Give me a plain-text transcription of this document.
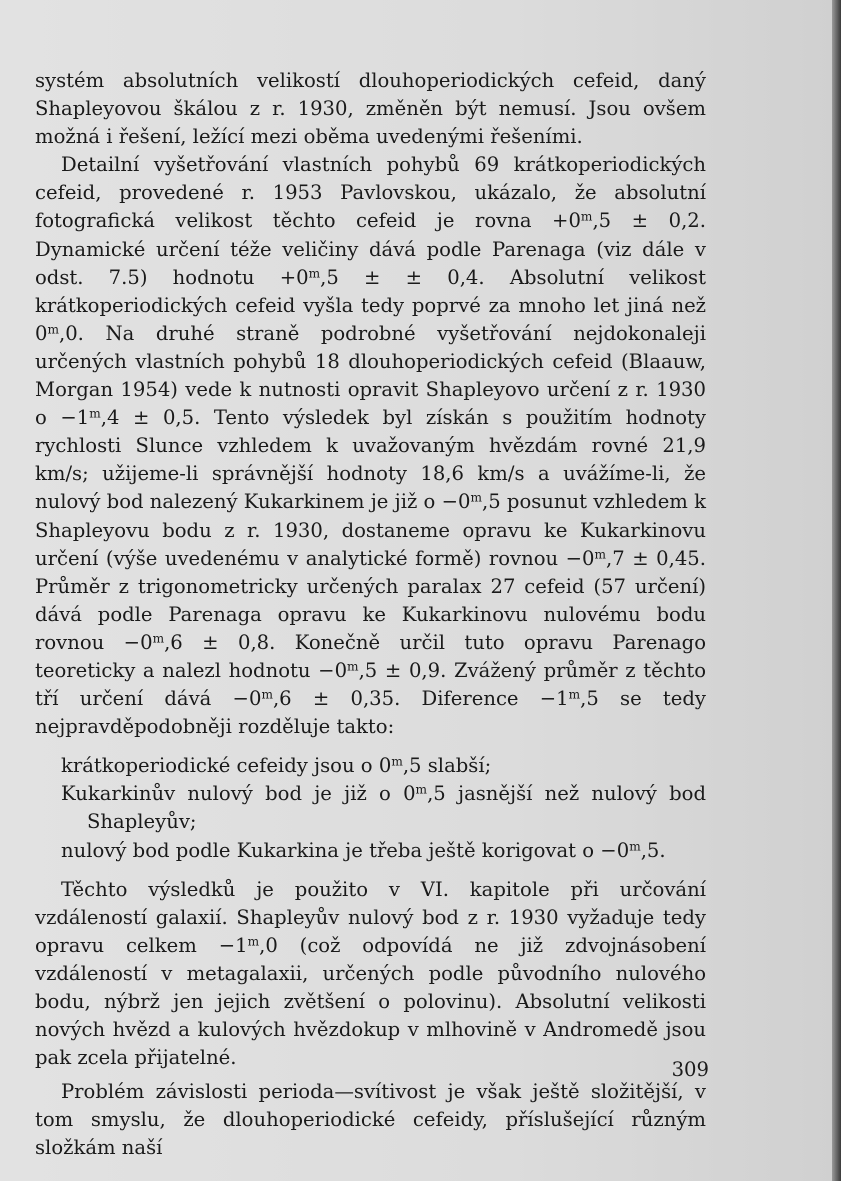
systém absolutních velikostí dlouhoperiodických cefeid, daný Shapleyovou škálou z r. 1930, změněn být nemusí. Jsou ovšem možná i řešení, ležící mezi oběma uvedenými řešeními.

Detailní vyšetřování vlastních pohybů 69 krátkoperiodických cefeid, provedené r. 1953 Pavlovskou, ukázalo, že absolutní fotografická velikost těchto cefeid je rovna $+0^m,5 \pm 0,2$. Dynamické určení téže veličiny dává podle Parenaga (viz dále v odst. 7.5) hodnotu $+0^m,5$ ± ± 0,4. Absolutní velikost krátkoperiodických cefeid vyšla tedy poprvé za mnoho let jiná než 0$^m$,0. Na druhé straně podrobné vyšetřování nejdokonaleji určených vlastních pohybů 18 dlouhoperiodických cefeid (Blaauw, Morgan 1954) vede k nutnosti opravit Shapleyovo určení z r. 1930 $o -1^m,4 \pm 0,5$. Tento výsledek byl získán s použitím hodnoty rychlosti Slunce vzhledem k uvažovaným hvězdám rovné 21,9 km/s; užijeme-li správnější hodnoty 18,6 km/s a uvážíme-li, že nulový bod nalezený Kukarkinem je již $o -0^m,5$ posunut vzhledem k Shapleyovu bodu z r. 1930, dostaneme opravu ke Kukarkinovu určení (výše uvedenému v analytické formě) rovnou $-0^m,7 \pm 0,45$. Průměr z trigonometricky určených paralax 27 cefeid (57 určení) dává podle Parenaga opravu ke Kukarkinovu nulovému bodu rovnou $-0^m,6 \pm 0,8$. Konečně určil tuto opravu Parenago teoreticky a nalezl hodnotu $-0^m,5 \pm 0,9$. Zvážený průměr z těchto tří určení dává $-0^m,6 \pm 0,35$. Diference $-1^m,5$ se tedy nejpravděpodobněji rozděluje takto:

krátkoperiodické cefeidy jsou o 0$^m$,5 slabší;

Kukarkinův nulový bod je již o 0$^m$,5 jasnější než nulový bod Shapleyův;

nulový bod podle Kukarkina je třeba ještě korigovat $o -0^m,5$.

Těchto výsledků je použito v VI. kapitole při určování vzdáleností galaxií. Shapleyův nulový bod z r. 1930 vyžaduje tedy opravu celkem $-1^m,0$ (což odpovídá ne již zdvojnásobení vzdáleností v metagalaxii, určených podle původního nulového bodu, nýbrž jen jejich zvětšení o polovinu). Absolutní velikosti nových hvězd a kulových hvězdokup v mlhovině v Andromedě jsou pak zcela přijatelné.

Problém závislosti perioda—svítivost je však ještě složitější, v tom smyslu, že dlouhoperiodické cefeidy, příslušející různým složkám naší

309
